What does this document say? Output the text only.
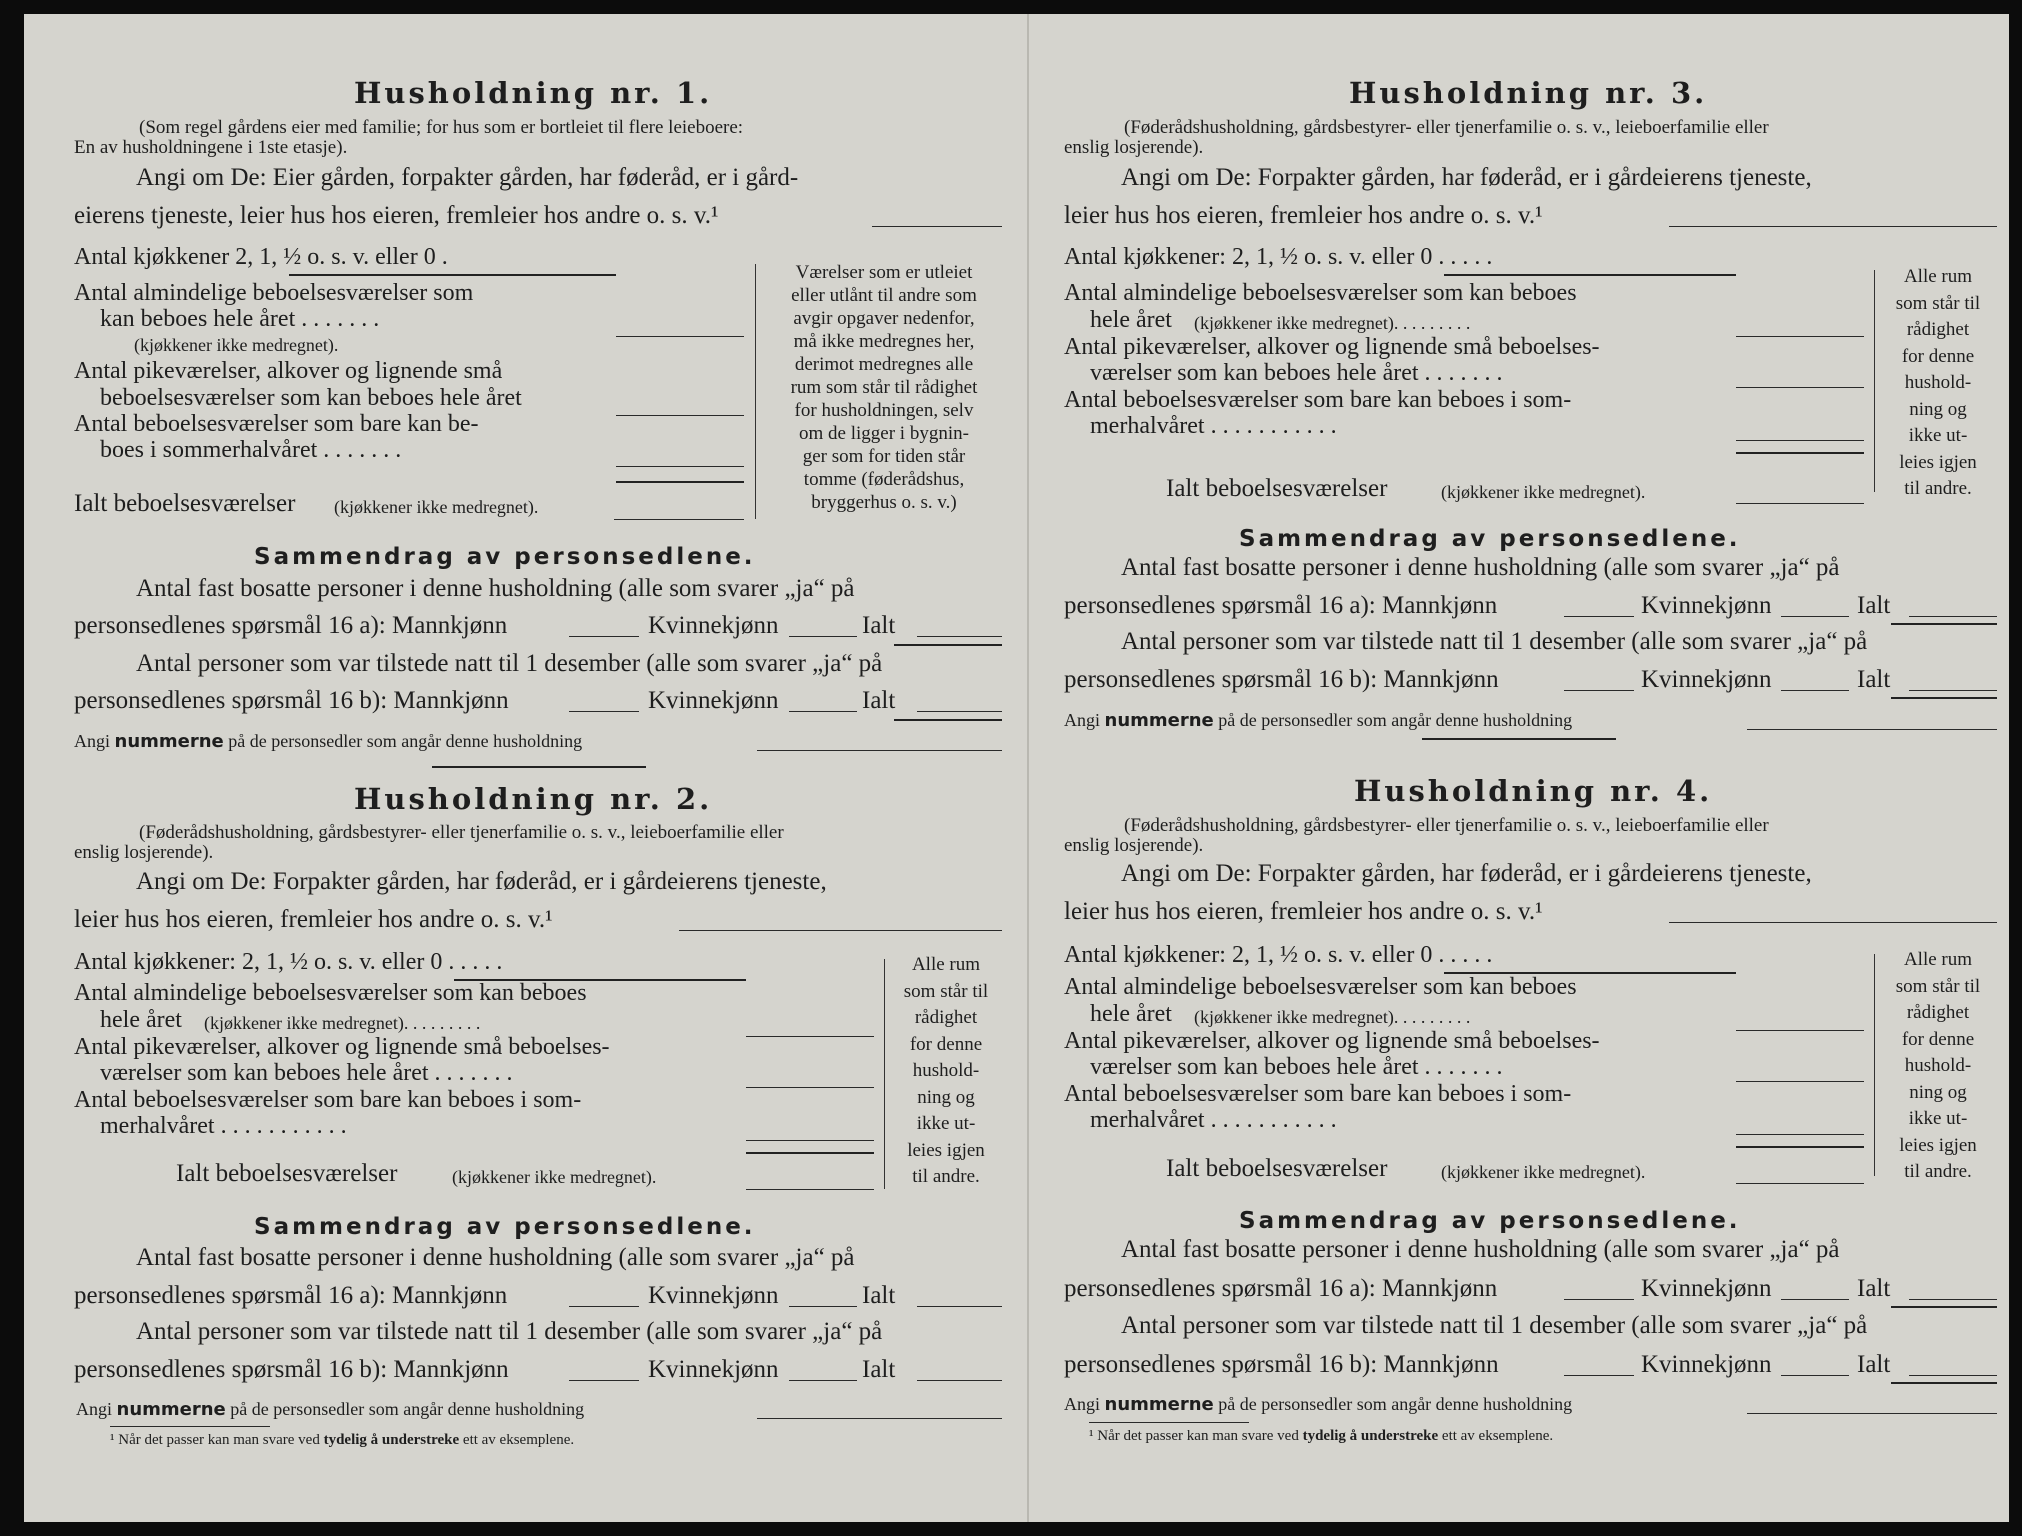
Husholdning nr. 1.
(Som regel gårdens eier med familie; for hus som er bortleiet til flere leieboere:
En av husholdningene i 1ste etasje).
Angi om De: Eier gården, forpakter gården, har føderåd, er i gård-
eierens tjeneste, leier hus hos eieren, fremleier hos andre o. s. v.¹
Antal kjøkkener 2, 1, ½ o. s. v. eller 0 .
Antal almindelige beboelsesværelser som
kan beboes hele året . . . . . . .
(kjøkkener ikke medregnet).
Antal pikeværelser, alkover og lignende små
beboelsesværelser som kan beboes hele året
Antal beboelsesværelser som bare kan be-
boes i sommerhalvåret . . . . . . .
Ialt beboelsesværelser (kjøkkener ikke medregnet).
Værelser som er utleiet
eller utlånt til andre som
avgir opgaver nedenfor,
må ikke medregnes her,
derimot medregnes alle
rum som står til rådighet
for husholdningen, selv
om de ligger i bygnin-
ger som for tiden står
tomme (føderådshus,
bryggerhus o. s. v.)
Sammendrag av personsedlene.
Antal fast bosatte personer i denne husholdning (alle som svarer „ja“ på
personsedlenes spørsmål 16 a): Mannkjønn	Kvinnekjønn	Ialt
Antal personer som var tilstede natt til 1 desember (alle som svarer „ja“ på
personsedlenes spørsmål 16 b): Mannkjønn	Kvinnekjønn	Ialt
Angi nummerne på de personsedler som angår denne husholdning
Husholdning nr. 2.
(Føderådshusholdning, gårdsbestyrer- eller tjenerfamilie o. s. v., leieboerfamilie eller
enslig losjerende).
Angi om De: Forpakter gården, har føderåd, er i gårdeierens tjeneste,
leier hus hos eieren, fremleier hos andre o. s. v.¹
Antal kjøkkener: 2, 1, ½ o. s. v. eller 0 . . . . .
Antal almindelige beboelsesværelser som kan beboes
hele året (kjøkkener ikke medregnet). . . . . . . . .
Antal pikeværelser, alkover og lignende små beboelses-
værelser som kan beboes hele året . . . . . . .
Antal beboelsesværelser som bare kan beboes i som-
merhalvåret . . . . . . . . . . .
Ialt beboelsesværelser	(kjøkkener ikke medregnet).
Alle rum
som står til
rådighet
for denne
hushold-
ning og
ikke ut-
leies igjen
til andre.
Sammendrag av personsedlene.
Antal fast bosatte personer i denne husholdning (alle som svarer „ja“ på
personsedlenes spørsmål 16 a): Mannkjønn	Kvinnekjønn	Ialt
Antal personer som var tilstede natt til 1 desember (alle som svarer „ja“ på
personsedlenes spørsmål 16 b): Mannkjønn	Kvinnekjønn	Ialt
Angi nummerne på de personsedler som angår denne husholdning
¹ Når det passer kan man svare ved tydelig å understreke ett av eksemplene.
Husholdning nr. 3.
(Føderådshusholdning, gårdsbestyrer- eller tjenerfamilie o. s. v., leieboerfamilie eller
enslig losjerende).
Angi om De: Forpakter gården, har føderåd, er i gårdeierens tjeneste,
leier hus hos eieren, fremleier hos andre o. s. v.¹
Antal kjøkkener: 2, 1, ½ o. s. v. eller 0 . . . . .
Antal almindelige beboelsesværelser som kan beboes
hele året (kjøkkener ikke medregnet). . . . . . . . .
Antal pikeværelser, alkover og lignende små beboelses-
værelser som kan beboes hele året . . . . . . .
Antal beboelsesværelser som bare kan beboes i som-
merhalvåret . . . . . . . . . . .
Ialt beboelsesværelser	(kjøkkener ikke medregnet).
Alle rum
som står til
rådighet
for denne
hushold-
ning og
ikke ut-
leies igjen
til andre.
Sammendrag av personsedlene.
Antal fast bosatte personer i denne husholdning (alle som svarer „ja“ på
personsedlenes spørsmål 16 a): Mannkjønn	Kvinnekjønn	Ialt
Antal personer som var tilstede natt til 1 desember (alle som svarer „ja“ på
personsedlenes spørsmål 16 b): Mannkjønn	Kvinnekjønn	Ialt
Angi nummerne på de personsedler som angår denne husholdning
Husholdning nr. 4.
(Føderådshusholdning, gårdsbestyrer- eller tjenerfamilie o. s. v., leieboerfamilie eller
enslig losjerende).
Angi om De: Forpakter gården, har føderåd, er i gårdeierens tjeneste,
leier hus hos eieren, fremleier hos andre o. s. v.¹
Antal kjøkkener: 2, 1, ½ o. s. v. eller 0 . . . . .
Antal almindelige beboelsesværelser som kan beboes
hele året (kjøkkener ikke medregnet). . . . . . . . .
Antal pikeværelser, alkover og lignende små beboelses-
værelser som kan beboes hele året . . . . . . .
Antal beboelsesværelser som bare kan beboes i som-
merhalvåret . . . . . . . . . . .
Ialt beboelsesværelser	(kjøkkener ikke medregnet).
Alle rum
som står til
rådighet
for denne
hushold-
ning og
ikke ut-
leies igjen
til andre.
Sammendrag av personsedlene.
Antal fast bosatte personer i denne husholdning (alle som svarer „ja“ på
personsedlenes spørsmål 16 a): Mannkjønn	Kvinnekjønn	Ialt
Antal personer som var tilstede natt til 1 desember (alle som svarer „ja“ på
personsedlenes spørsmål 16 b): Mannkjønn	Kvinnekjønn	Ialt
Angi nummerne på de personsedler som angår denne husholdning
¹ Når det passer kan man svare ved tydelig å understreke ett av eksemplene.
